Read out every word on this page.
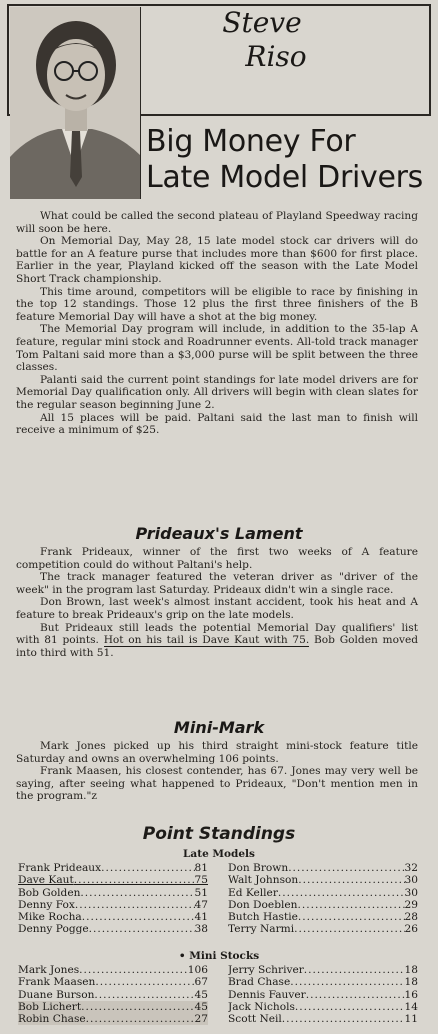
Steve
Riso
Big Money For
Late Model Drivers

What could be called the second plateau of Playland Speedway racing will soon be here.

On Memorial Day, May 28, 15 late model stock car drivers will do battle for an A feature purse that includes more than $600 for first place. Earlier in the year, Playland kicked off the season with the Late Model Short Track championship.

This time around, competitors will be eligible to race by finishing in the top 12 standings. Those 12 plus the first three finishers of the B feature Memorial Day will have a shot at the big money.

The Memorial Day program will include, in addition to the 35-lap A feature, regular mini stock and Roadrunner events. All-told track manager Tom Paltani said more than a $3,000 purse will be split between the three classes.

Palanti said the current point standings for late model drivers are for Memorial Day qualification only. All drivers will begin with clean slates for the regular season beginning June 2.

All 15 places will be paid. Paltani said the last man to finish will receive a minimum of $25.

Prideaux's Lament

Frank Prideaux, winner of the first two weeks of A feature competition could do without Paltani's help.

The track manager featured the veteran driver as "driver of the week" in the program last Saturday. Prideaux didn't win a single race.

Don Brown, last week's almost instant accident, took his heat and A feature to break Prideaux's grip on the late models.

But Prideaux still leads the potential Memorial Day qualifiers' list with 81 points. Hot on his tail is Dave Kaut with 75. Bob Golden moved into third with 51.

Mini-Mark

Mark Jones picked up his third straight mini-stock feature title Saturday and owns an overwhelming 106 points.

Frank Maasen, his closest contender, has 67. Jones may very well be saying, after seeing what happened to Prideaux, "Don't mention men in the program."z

Point Standings
Late Models
Frank Prideaux .....	81
Dave Kaut .....	75
Bob Golden .....	51
Denny Fox .....	47
Mike Rocha .....	41
Denny Pogge .....	38
Don Brown .....	32
Walt Johnson .....	30
Ed Keller .....	30
Don Doeblen .....	29
Butch Hastie .....	28
Terry Narmi .....	26
• Mini Stocks
Mark Jones .....	106
Frank Maasen .....	67
Duane Burson .....	45
Bob Lichert .....	45
Robin Chase .....	27
Jerry Schriver .....	18
Brad Chase .....	18
Dennis Fauver .....	16
Jack Nichols .....	14
Scott Neil .....	11
